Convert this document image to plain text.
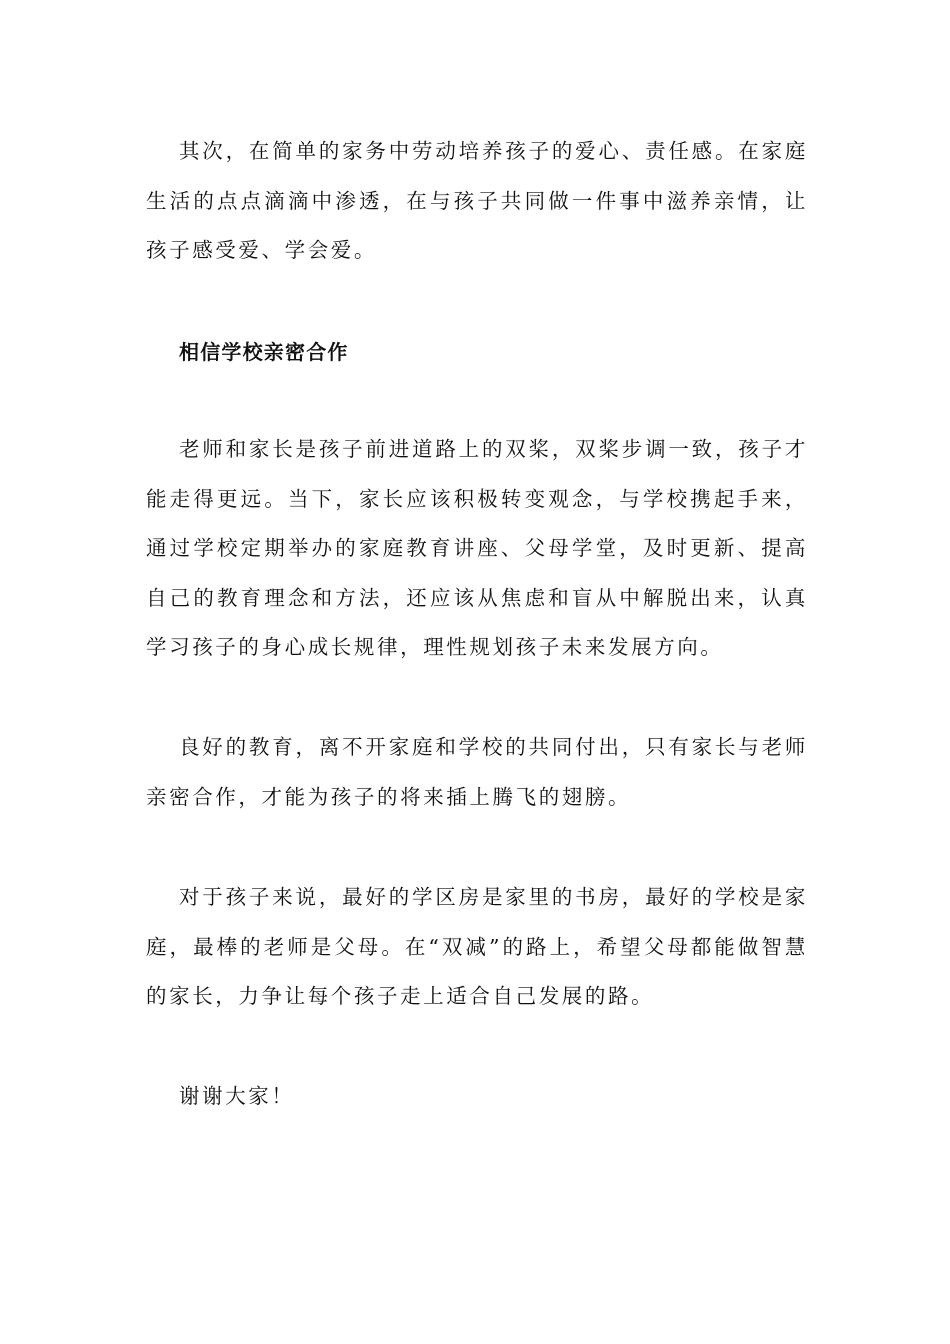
其次，在简单的家务中劳动培养孩子的爱心、责任感。在家庭生活的点点滴滴中渗透，在与孩子共同做一件事中滋养亲情，让孩子感受爱、学会爱。

相信学校亲密合作

老师和家长是孩子前进道路上的双桨，双桨步调一致，孩子才能走得更远。当下，家长应该积极转变观念，与学校携起手来，通过学校定期举办的家庭教育讲座、父母学堂，及时更新、提高自己的教育理念和方法，还应该从焦虑和盲从中解脱出来，认真学习孩子的身心成长规律，理性规划孩子未来发展方向。

良好的教育，离不开家庭和学校的共同付出，只有家长与老师亲密合作，才能为孩子的将来插上腾飞的翅膀。

对于孩子来说，最好的学区房是家里的书房，最好的学校是家庭，最棒的老师是父母。在“双减”的路上，希望父母都能做智慧的家长，力争让每个孩子走上适合自己发展的路。

谢谢大家！
